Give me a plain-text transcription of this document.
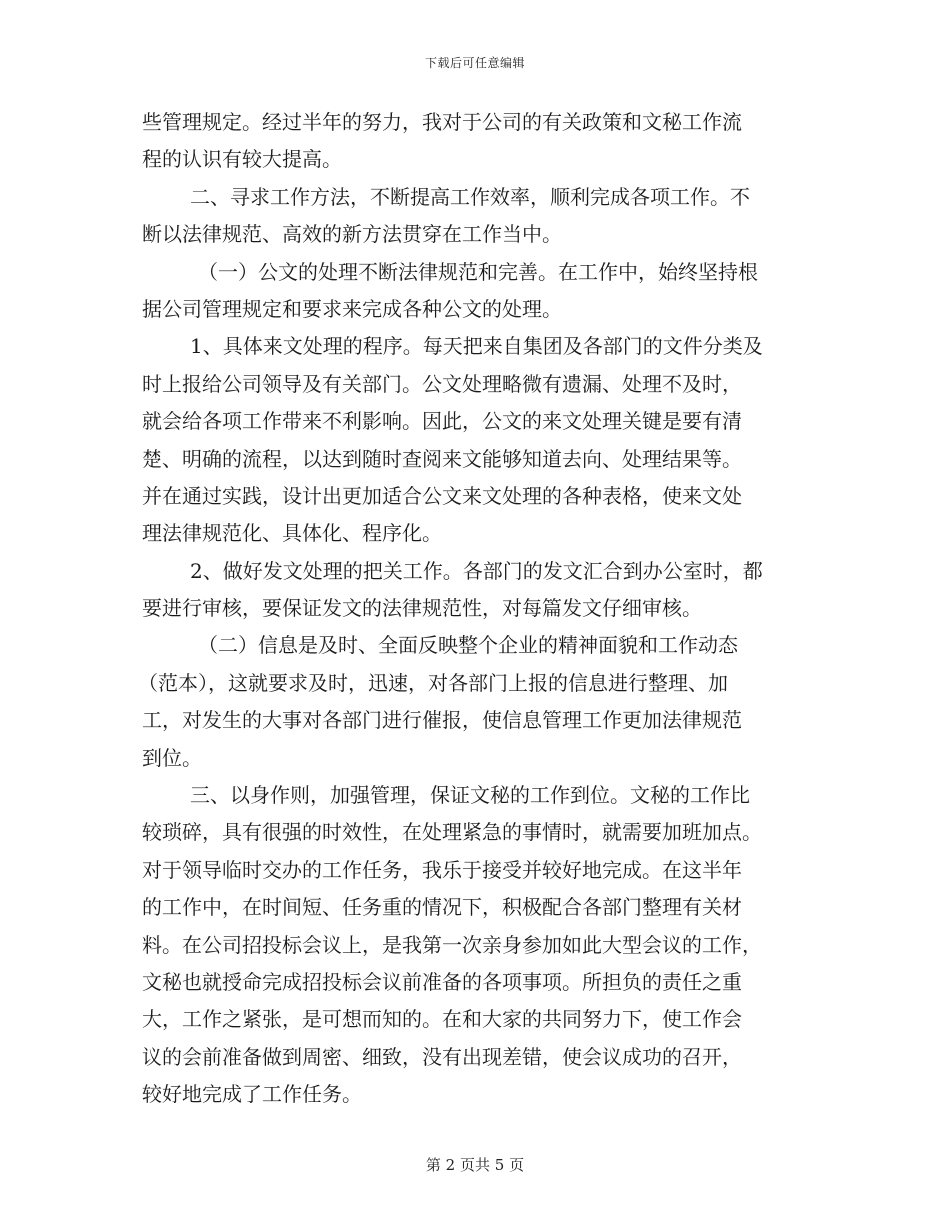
下载后可任意编辑
些管理规定。经过半年的努力，我对于公司的有关政策和文秘工作流
程的认识有较大提高。
二、寻求工作方法，不断提高工作效率，顺利完成各项工作。不
断以法律规范、高效的新方法贯穿在工作当中。
（一）公文的处理不断法律规范和完善。在工作中，始终坚持根
据公司管理规定和要求来完成各种公文的处理。
1、具体来文处理的程序。每天把来自集团及各部门的文件分类及
时上报给公司领导及有关部门。公文处理略微有遗漏、处理不及时，
就会给各项工作带来不利影响。因此，公文的来文处理关键是要有清
楚、明确的流程，以达到随时查阅来文能够知道去向、处理结果等。
并在通过实践，设计出更加适合公文来文处理的各种表格，使来文处
理法律规范化、具体化、程序化。
2、做好发文处理的把关工作。各部门的发文汇合到办公室时，都
要进行审核，要保证发文的法律规范性，对每篇发文仔细审核。
（二）信息是及时、全面反映整个企业的精神面貌和工作动态
（范本），这就要求及时，迅速，对各部门上报的信息进行整理、加
工，对发生的大事对各部门进行催报，使信息管理工作更加法律规范
到位。
三、以身作则，加强管理，保证文秘的工作到位。文秘的工作比
较琐碎，具有很强的时效性，在处理紧急的事情时，就需要加班加点。
对于领导临时交办的工作任务，我乐于接受并较好地完成。在这半年
的工作中，在时间短、任务重的情况下，积极配合各部门整理有关材
料。在公司招投标会议上，是我第一次亲身参加如此大型会议的工作，
文秘也就授命完成招投标会议前准备的各项事项。所担负的责任之重
大，工作之紧张，是可想而知的。在和大家的共同努力下，使工作会
议的会前准备做到周密、细致，没有出现差错，使会议成功的召开，
较好地完成了工作任务。
第 2 页共 5 页
